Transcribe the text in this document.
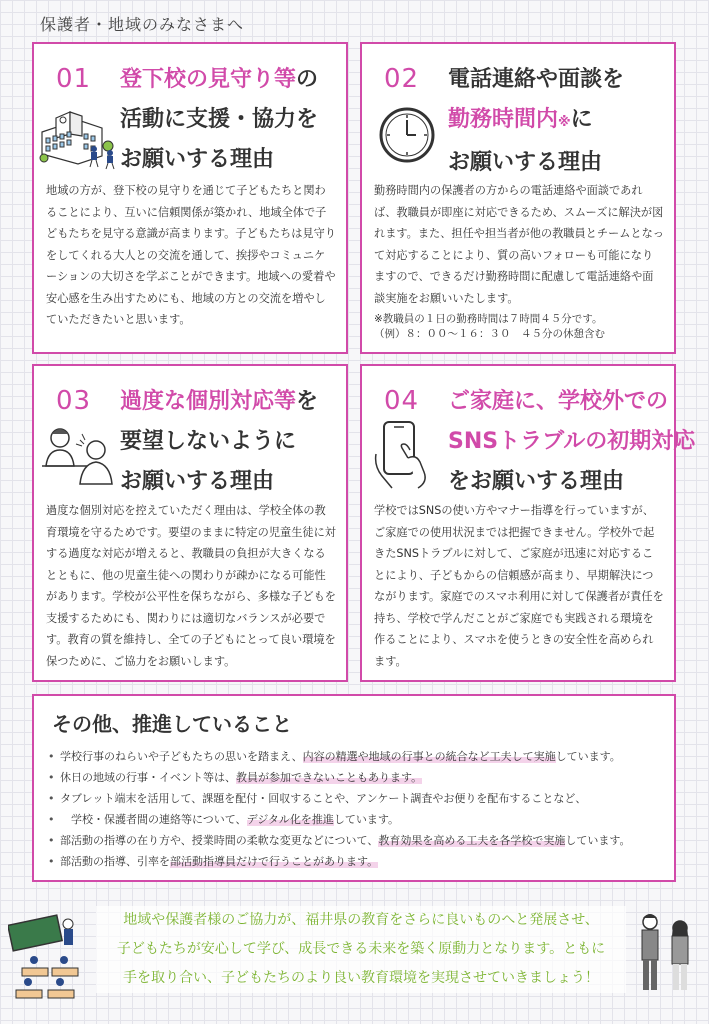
保護者・地域のみなさまへ
01 登下校の見守り等の
活動に支援・協力を
お願いする理由
地域の方が、登下校の見守りを通じて子どもたちと関わることにより、互いに信頼関係が築かれ、地域全体で子どもたちを見守る意識が高まります。子どもたちは見守りをしてくれる大人との交流を通して、挨拶やコミュニケーションの大切さを学ぶことができます。地域への愛着や安心感を生み出すためにも、地域の方との交流を増やしていただきたいと思います。
02 電話連絡や面談を
勤務時間内※に
お願いする理由
勤務時間内の保護者の方からの電話連絡や面談であれば、教職員が即座に対応できるため、スムーズに解決が図れます。また、担任や担当者が他の教職員とチームとなって対応することにより、質の高いフォローも可能になりますので、できるだけ勤務時間に配慮して電話連絡や面談実施をお願いいたします。
※教職員の１日の勤務時間は７時間４５分です。
（例）８：００〜１６：３０　４５分の休憩含む
03 過度な個別対応等を
要望しないように
お願いする理由
過度な個別対応を控えていただく理由は、学校全体の教育環境を守るためです。要望のままに特定の児童生徒に対する過度な対応が増えると、教職員の負担が大きくなるとともに、他の児童生徒への関わりが疎かになる可能性があります。学校が公平性を保ちながら、多様な子どもを支援するためにも、関わりには適切なバランスが必要です。教育の質を維持し、全ての子どもにとって良い環境を保つために、ご協力をお願いします。
04 ご家庭に、学校外での
SNSトラブルの初期対応
をお願いする理由
学校ではSNSの使い方やマナー指導を行っていますが、ご家庭での使用状況までは把握できません。学校外で起きたSNSトラブルに対して、ご家庭が迅速に対応することにより、子どもからの信頼感が高まり、早期解決につながります。家庭でのスマホ利用に対して保護者が責任を持ち、学校で学んだことがご家庭でも実践される環境を作ることにより、スマホを使うときの安全性を高められます。
その他、推進していること
• 学校行事のねらいや子どもたちの思いを踏まえ、内容の精選や地域の行事との統合など工夫して実施しています。
• 休日の地域の行事・イベント等は、教員が参加できないこともあります。
• タブレット端末を活用して、課題を配付・回収することや、アンケート調査やお便りを配布することなど、
• 　学校・保護者間の連絡等について、デジタル化を推進しています。
• 部活動の指導の在り方や、授業時間の柔軟な変更などについて、教育効果を高める工夫を各学校で実施しています。
• 部活動の指導、引率を部活動指導員だけで行うことがあります。
地域や保護者様のご協力が、福井県の教育をさらに良いものへと発展させ、
子どもたちが安心して学び、成長できる未来を築く原動力となります。ともに
手を取り合い、子どもたちのより良い教育環境を実現させていきましょう！
